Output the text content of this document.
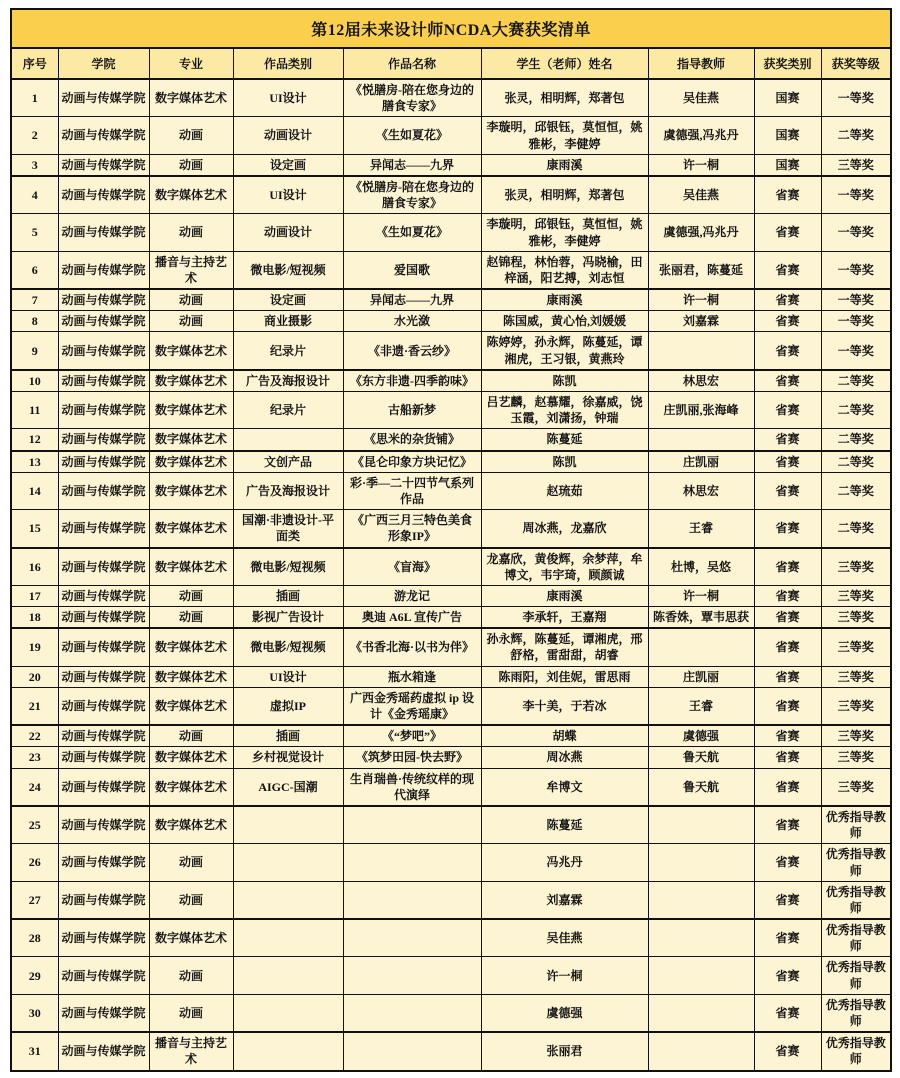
第12届未来设计师NCDA大赛获奖清单								
序号	学院	专业	作品类别	作品名称	学生（老师）姓名	指导教师	获奖类别	获奖等级
1	动画与传媒学院	数字媒体艺术	UI设计	《悦膳房-陪在您身边的膳食专家》	张灵，相明辉，郑著包	吴佳燕	国赛	一等奖
2	动画与传媒学院	动画	动画设计	《生如夏花》	李璇明，邱银钰，莫恒恒，姚雅彬，李健婷	虞德强,冯兆丹	国赛	二等奖
3	动画与传媒学院	动画	设定画	异闻志——九界	康雨溪	许一桐	国赛	三等奖
4	动画与传媒学院	数字媒体艺术	UI设计	《悦膳房-陪在您身边的膳食专家》	张灵，相明辉，郑著包	吴佳燕	省赛	一等奖
5	动画与传媒学院	动画	动画设计	《生如夏花》	李璇明，邱银钰，莫恒恒，姚雅彬，李健婷	虞德强,冯兆丹	省赛	一等奖
6	动画与传媒学院	播音与主持艺术	微电影/短视频	爱国歌	赵锦程，林怡蓉，冯晓榆，田梓涵，阳艺搏，刘志恒	张丽君，陈蔓延	省赛	一等奖
7	动画与传媒学院	动画	设定画	异闻志——九界	康雨溪	许一桐	省赛	一等奖
8	动画与传媒学院	动画	商业摄影	水光潋	陈国威，黄心怡,刘媛媛	刘嘉霖	省赛	一等奖
9	动画与传媒学院	数字媒体艺术	纪录片	《非遗·香云纱》	陈婷婷，孙永辉，陈蔓延，谭湘虎，王习银，黄燕玲		省赛	一等奖
10	动画与传媒学院	数字媒体艺术	广告及海报设计	《东方非遗-四季韵味》	陈凯	林思宏	省赛	二等奖
11	动画与传媒学院	数字媒体艺术	纪录片	古船新梦	吕艺麟，赵慕耀，徐嘉威，饶玉霞，刘潇扬，钟瑞	庄凯丽,张海峰	省赛	二等奖
12	动画与传媒学院	数字媒体艺术		《思米的杂货铺》	陈蔓延		省赛	二等奖
13	动画与传媒学院	数字媒体艺术	文创产品	《昆仑印象方块记忆》	陈凯	庄凯丽	省赛	二等奖
14	动画与传媒学院	数字媒体艺术	广告及海报设计	彩·季—二十四节气系列作品	赵琉茹	林思宏	省赛	二等奖
15	动画与传媒学院	数字媒体艺术	国潮·非遗设计-平面类	《广西三月三特色美食形象IP》	周冰燕，龙嘉欣	王睿	省赛	二等奖
16	动画与传媒学院	数字媒体艺术	微电影/短视频	《盲海》	龙嘉欣，黄俊辉，余梦萍，牟博文，韦宇琦，顾颜诚	杜博，吴悠	省赛	三等奖
17	动画与传媒学院	动画	插画	游龙记	康雨溪	许一桐	省赛	三等奖
18	动画与传媒学院	动画	影视广告设计	奥迪 A6L 宣传广告	李承轩，王嘉翔	陈香姝，覃韦思获	省赛	三等奖
19	动画与传媒学院	数字媒体艺术	微电影/短视频	《书香北海·以书为伴》	孙永辉，陈蔓延，谭湘虎，邢舒格，雷甜甜，胡睿		省赛	三等奖
20	动画与传媒学院	数字媒体艺术	UI设计	瓶水箱逢	陈雨阳，刘佳妮，雷思雨	庄凯丽	省赛	三等奖
21	动画与传媒学院	数字媒体艺术	虚拟IP	广西金秀瑶药虚拟 ip 设计《金秀瑶康》	李十美，于若冰	王睿	省赛	三等奖
22	动画与传媒学院	动画	插画	《“梦吧”》	胡蝶	虞德强	省赛	三等奖
23	动画与传媒学院	数字媒体艺术	乡村视觉设计	《筑梦田园-快去野》	周冰燕	鲁天航	省赛	三等奖
24	动画与传媒学院	数字媒体艺术	AIGC-国潮	生肖瑞兽·传统纹样的现代演绎	牟博文	鲁天航	省赛	三等奖
25	动画与传媒学院	数字媒体艺术			陈蔓延		省赛	优秀指导教师
26	动画与传媒学院	动画			冯兆丹		省赛	优秀指导教师
27	动画与传媒学院	动画			刘嘉霖		省赛	优秀指导教师
28	动画与传媒学院	数字媒体艺术			吴佳燕		省赛	优秀指导教师
29	动画与传媒学院	动画			许一桐		省赛	优秀指导教师
30	动画与传媒学院	动画			虞德强		省赛	优秀指导教师
31	动画与传媒学院	播音与主持艺术			张丽君		省赛	优秀指导教师
